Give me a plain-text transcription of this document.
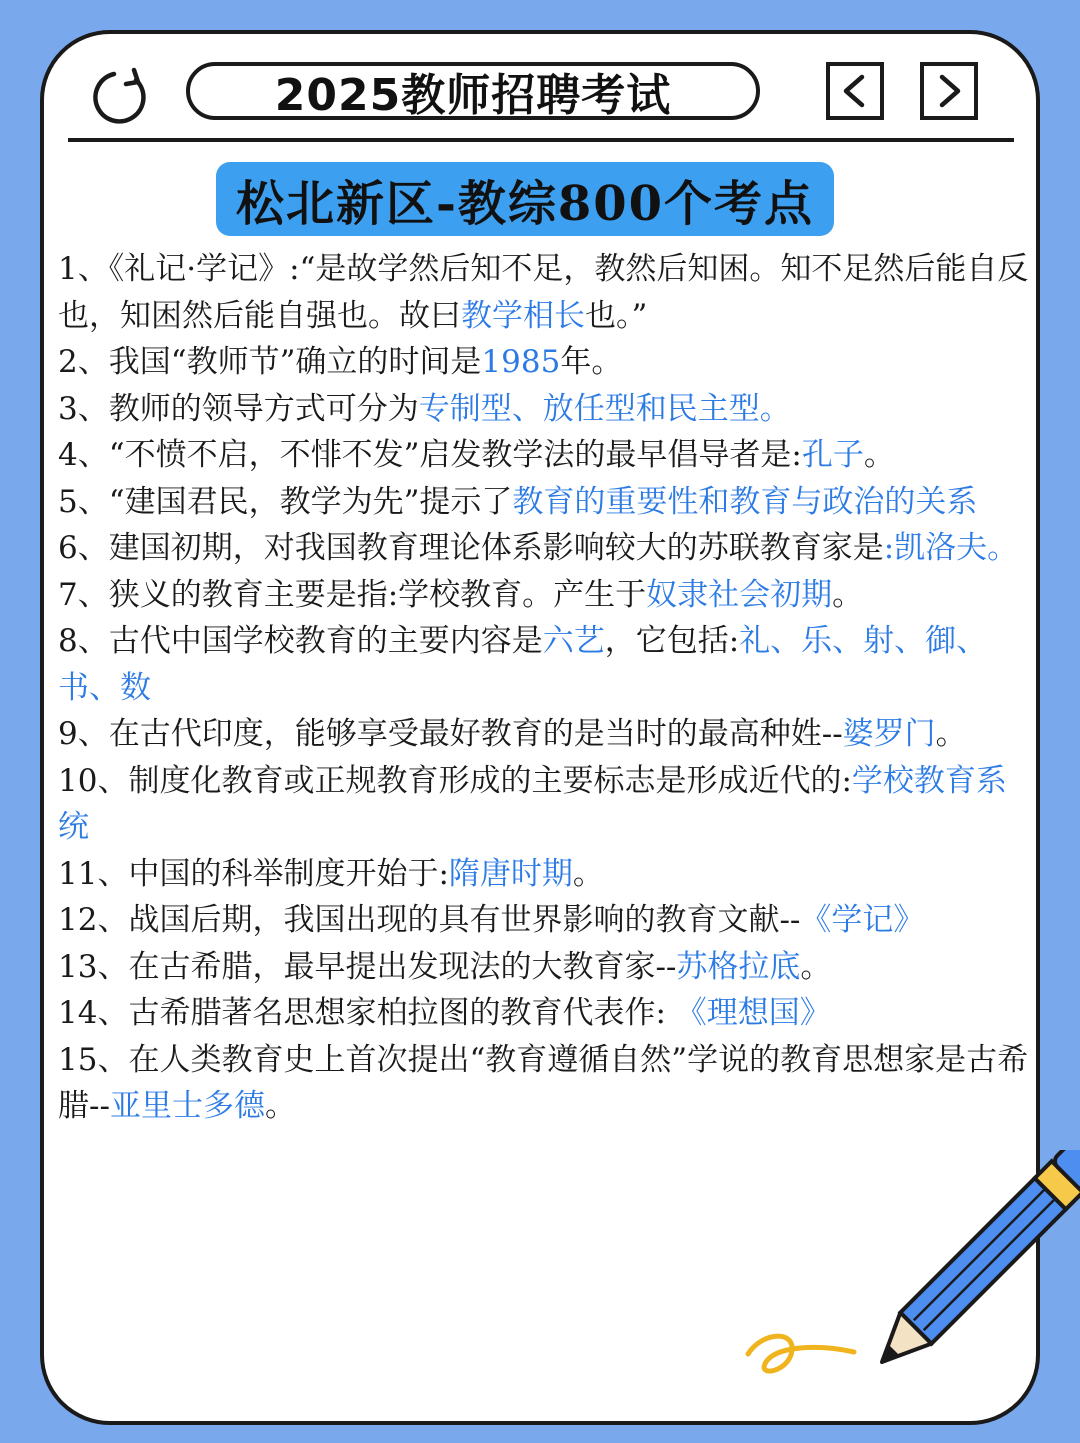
2025教师招聘考试
松北新区-教综800个考点

1、《礼记·学记》:“是故学然后知不足，教然后知困。知不足然后能自反也，知困然后能自强也。故曰教学相长也。”

2、我国“教师节”确立的时间是1985年。

3、教师的领导方式可分为专制型、放任型和民主型。

4、“不愤不启，不悱不发”启发教学法的最早倡导者是:孔子。

5、“建国君民，教学为先”提示了教育的重要性和教育与政治的关系

6、建国初期，对我国教育理论体系影响较大的苏联教育家是:凯洛夫。

7、狭义的教育主要是指:学校教育。产生于奴隶社会初期。

8、古代中国学校教育的主要内容是六艺，它包括:礼、乐、射、御、书、数

9、在古代印度，能够享受最好教育的是当时的最高种姓--婆罗门。

10、制度化教育或正规教育形成的主要标志是形成近代的:学校教育系统

11、中国的科举制度开始于:隋唐时期。

12、战国后期，我国出现的具有世界影响的教育文献--《学记》

13、在古希腊，最早提出发现法的大教育家--苏格拉底。

14、古希腊著名思想家柏拉图的教育代表作: 《理想国》

15、在人类教育史上首次提出“教育遵循自然”学说的教育思想家是古希腊--亚里士多德。
